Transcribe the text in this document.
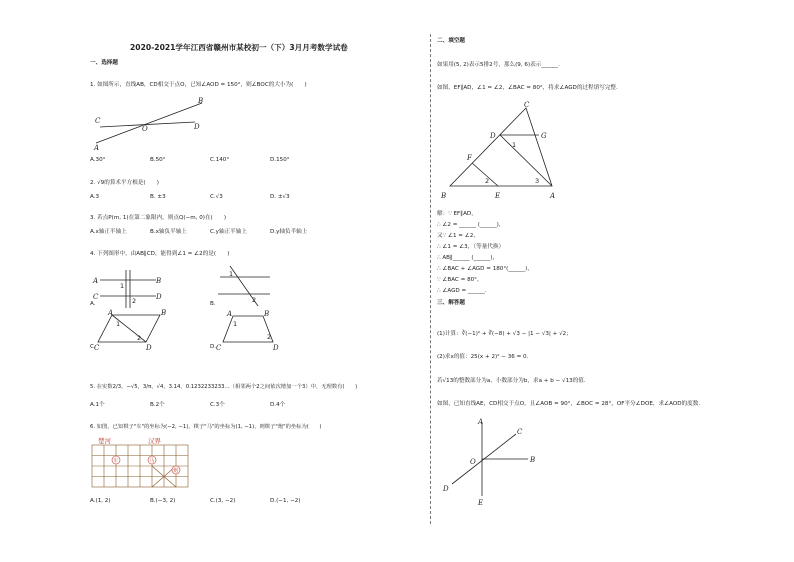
2020-2021学年江西省赣州市某校初一（下）3月月考数学试卷
一、选择题
1. 如图所示，直线AB，CD相交于点O，已知∠AOD = 150°，则∠BOC的大小为(　　)
B
C
O	D
A
A.30°	B.50°	C.140°	D.150°
2. √9的算术平方根是(　　)
A.3	B. ±3	C.√3	D. ±√3
3. 若点P(m, 1)在第二象限内，则点Q(−m, 0)在(　　)
A.x轴正半轴上	B.x轴负半轴上	C.y轴正半轴上	D.y轴负半轴上
4. 下列图形中，由AB∥CD，能得到∠1 = ∠2的是(　　)
A	B
C	D
1
2
A.
1
2
B.
A	B
1
2
C	D
C.
A	B
1
2
C	D
D.
5. 在实数2/3，−√5，3/π，√4，3.14，0.1232233233…（相邻两个2之间依次增加一个3）中，无理数有(　　)
A.1个	B.2个	C.3个	D.4个
6. 如图，已知棋子"车"的坐标为(−2, −1)，棋子"马"的坐标为(1, −1)，则棋子"炮"的坐标为(　　)
楚河	汉界
车	马
炮
A.(1, 2)	B.(−3, 2)	C.(3, −2)	D.(−1, −2)
二、填空题
如果用(5, 2)表示5排2号，那么(9, 6)表示______.
如图，EF∥AD，∠1 = ∠2，∠BAC = 80°，将求∠AGD的过程填写完整.
C
D	G
F
B	E	A
1
2	3
解：∵ EF∥AD，
∴ ∠2 = ______ (______)，
又∵ ∠1 = ∠2，
∴ ∠1 = ∠3，（等量代换）
∴ AB∥______ (______)，
∴ ∠BAC + ∠AGD = 180°(______)，
∵ ∠BAC = 80°，
∴ ∠AGD = ______.
三、解答题
(1)计算：∛(−1)² + ∛(−8) + √3 − |1 − √3| + √2；
(2)求x的值：25(x + 2)² − 36 = 0.
若√13的整数部分为a，小数部分为b，求a + b − √13的值.
如图，已知直线AE，CD相交于点O，且∠AOB = 90°，∠BOC = 28°，OF平分∠DOE，求∠AOD的度数.
A
C
B
O
D
E
